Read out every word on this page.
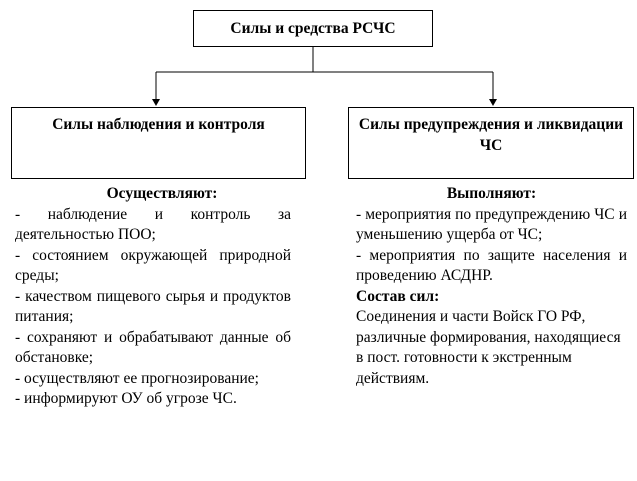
Силы и средства РСЧС
Силы наблюдения и контроля	Силы предупреждения и ликвидации ЧС
Осуществляют:
- наблюдение и контроль за деятельностью ПОО;
- состоянием окружающей природной среды;
- качеством пищевого сырья и продуктов питания;
- сохраняют и обрабатывают данные об обстановке;
- осуществляют ее прогнозирование;
- информируют ОУ об угрозе ЧС.
Выполняют:
- мероприятия по предупреждению ЧС и уменьшению ущерба от ЧС;
- мероприятия по защите населения и проведению АСДНР.
Состав сил:
Соединения и части Войск ГО РФ, различные формирования, находящиеся в пост. готовности к экстренным действиям.
